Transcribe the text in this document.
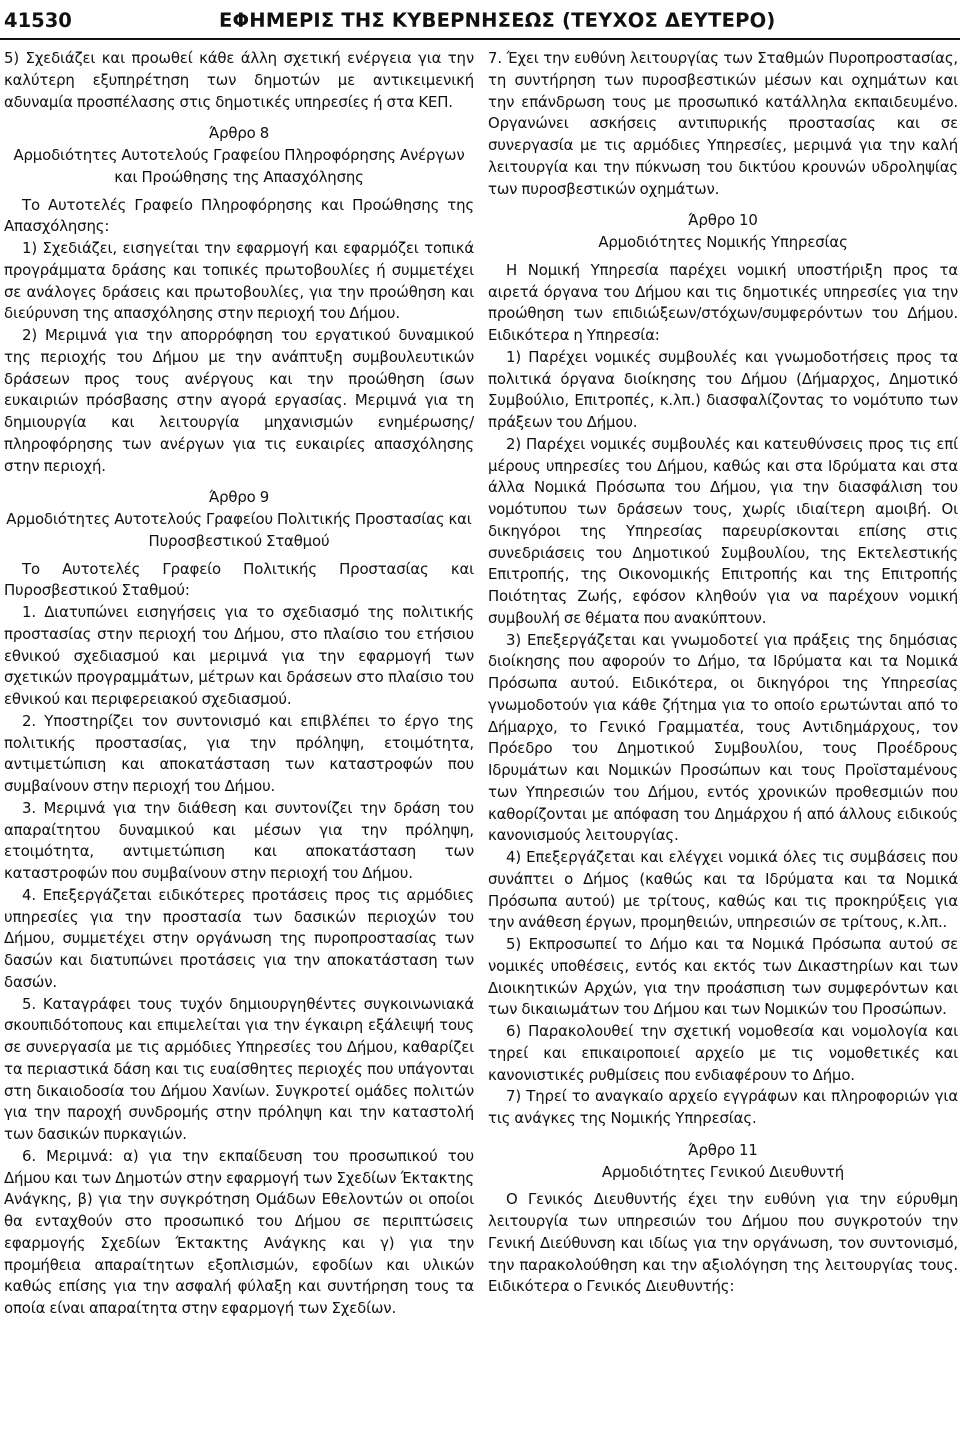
41530	ΕΦΗΜΕΡΙΣ ΤΗΣ ΚΥΒΕΡΝΗΣΕΩΣ (ΤΕΥΧΟΣ ΔΕΥΤΕΡΟ)

5) Σχεδιάζει και προωθεί κάθε άλλη σχετική ενέργεια για την καλύτερη εξυπηρέτηση των δημοτών με αντικειμενική αδυναμία προσπέλασης στις δημοτικές υπηρεσίες ή στα ΚΕΠ.

Άρθρο 8

Αρμοδιότητες Αυτοτελούς Γραφείου Πληροφόρησης Ανέργων και Προώθησης της Απασχόλησης

Το Αυτοτελές Γραφείο Πληροφόρησης και Προώθησης της Απασχόλησης:

1) Σχεδιάζει, εισηγείται την εφαρμογή και εφαρμόζει τοπικά προγράμματα δράσης και τοπικές πρωτοβουλίες ή συμμετέχει σε ανάλογες δράσεις και πρωτοβουλίες, για την προώθηση και διεύρυνση της απασχόλησης στην περιοχή του Δήμου.

2) Μεριμνά για την απορρόφηση του εργατικού δυναμικού της περιοχής του Δήμου με την ανάπτυξη συμβουλευτικών δράσεων προς τους ανέργους και την προώθηση ίσων ευκαιριών πρόσβασης στην αγορά εργασίας. Μεριμνά για τη δημιουργία και λειτουργία μηχανισμών ενημέρωσης/πληροφόρησης των ανέργων για τις ευκαιρίες απασχόλησης στην περιοχή.

Άρθρο 9

Αρμοδιότητες Αυτοτελούς Γραφείου Πολιτικής Προστασίας και Πυροσβεστικού Σταθμού

Το Αυτοτελές Γραφείο Πολιτικής Προστασίας και Πυροσβεστικού Σταθμού:

1. Διατυπώνει εισηγήσεις για το σχεδιασμό της πολιτικής προστασίας στην περιοχή του Δήμου, στο πλαίσιο του ετήσιου εθνικού σχεδιασμού και μεριμνά για την εφαρμογή των σχετικών προγραμμάτων, μέτρων και δράσεων στο πλαίσιο του εθνικού και περιφερειακού σχεδιασμού.

2. Υποστηρίζει τον συντονισμό και επιβλέπει το έργο της πολιτικής προστασίας, για την πρόληψη, ετοιμότητα, αντιμετώπιση και αποκατάσταση των καταστροφών που συμβαίνουν στην περιοχή του Δήμου.

3. Μεριμνά για την διάθεση και συντονίζει την δράση του απαραίτητου δυναμικού και μέσων για την πρόληψη, ετοιμότητα, αντιμετώπιση και αποκατάσταση των καταστροφών που συμβαίνουν στην περιοχή του Δήμου.

4. Επεξεργάζεται ειδικότερες προτάσεις προς τις αρμόδιες υπηρεσίες για την προστασία των δασικών περιοχών του Δήμου, συμμετέχει στην οργάνωση της πυροπροστασίας των δασών και διατυπώνει προτάσεις για την αποκατάσταση των δασών.

5. Καταγράφει τους τυχόν δημιουργηθέντες συγκοινωνιακά σκουπιδότοπους και επιμελείται για την έγκαιρη εξάλειψή τους σε συνεργασία με τις αρμόδιες Υπηρεσίες του Δήμου, καθαρίζει τα περιαστικά δάση και τις ευαίσθητες περιοχές που υπάγονται στη δικαιοδοσία του Δήμου Χανίων. Συγκροτεί ομάδες πολιτών για την παροχή συνδρομής στην πρόληψη και την καταστολή των δασικών πυρκαγιών.

6. Μεριμνά: α) για την εκπαίδευση του προσωπικού του Δήμου και των Δημοτών στην εφαρμογή των Σχεδίων Έκτακτης Ανάγκης, β) για την συγκρότηση Ομάδων Εθελοντών οι οποίοι θα ενταχθούν στο προσωπικό του Δήμου σε περιπτώσεις εφαρμογής Σχεδίων Έκτακτης Ανάγκης και γ) για την προμήθεια απαραίτητων εξοπλισμών, εφοδίων και υλικών καθώς επίσης για την ασφαλή φύλαξη και συντήρηση τους τα οποία είναι απαραίτητα στην εφαρμογή των Σχεδίων.

7. Έχει την ευθύνη λειτουργίας των Σταθμών Πυροπροστασίας, τη συντήρηση των πυροσβεστικών μέσων και οχημάτων και την επάνδρωση τους με προσωπικό κατάλληλα εκπαιδευμένο. Οργανώνει ασκήσεις αντιπυρικής προστασίας και σε συνεργασία με τις αρμόδιες Υπηρεσίες, μεριμνά για την καλή λειτουργία και την πύκνωση του δικτύου κρουνών υδροληψίας των πυροσβεστικών οχημάτων.

Άρθρο 10

Αρμοδιότητες Νομικής Υπηρεσίας

Η Νομική Υπηρεσία παρέχει νομική υποστήριξη προς τα αιρετά όργανα του Δήμου και τις δημοτικές υπηρεσίες για την προώθηση των επιδιώξεων/στόχων/συμφερόντων του Δήμου. Ειδικότερα η Υπηρεσία:

1) Παρέχει νομικές συμβουλές και γνωμοδοτήσεις προς τα πολιτικά όργανα διοίκησης του Δήμου (Δήμαρχος, Δημοτικό Συμβούλιο, Επιτροπές, κ.λπ.) διασφαλίζοντας το νομότυπο των πράξεων του Δήμου.

2) Παρέχει νομικές συμβουλές και κατευθύνσεις προς τις επί μέρους υπηρεσίες του Δήμου, καθώς και στα Ιδρύματα και στα άλλα Νομικά Πρόσωπα του Δήμου, για την διασφάλιση του νομότυπου των δράσεων τους, χωρίς ιδιαίτερη αμοιβή. Οι δικηγόροι της Υπηρεσίας παρευρίσκονται επίσης στις συνεδριάσεις του Δημοτικού Συμβουλίου, της Εκτελεστικής Επιτροπής, της Οικονομικής Επιτροπής και της Επιτροπής Ποιότητας Ζωής, εφόσον κληθούν για να παρέχουν νομική συμβουλή σε θέματα που ανακύπτουν.

3) Επεξεργάζεται και γνωμοδοτεί για πράξεις της δημόσιας διοίκησης που αφορούν το Δήμο, τα Ιδρύματα και τα Νομικά Πρόσωπα αυτού. Ειδικότερα, οι δικηγόροι της Υπηρεσίας γνωμοδοτούν για κάθε ζήτημα για το οποίο ερωτώνται από το Δήμαρχο, το Γενικό Γραμματέα, τους Αντιδημάρχους, τον Πρόεδρο του Δημοτικού Συμβουλίου, τους Προέδρους Ιδρυμάτων και Νομικών Προσώπων και τους Προϊσταμένους των Υπηρεσιών του Δήμου, εντός χρονικών προθεσμιών που καθορίζονται με απόφαση του Δημάρχου ή από άλλους ειδικούς κανονισμούς λειτουργίας.

4) Επεξεργάζεται και ελέγχει νομικά όλες τις συμβάσεις που συνάπτει ο Δήμος (καθώς και τα Ιδρύματα και τα Νομικά Πρόσωπα αυτού) με τρίτους, καθώς και τις προκηρύξεις για την ανάθεση έργων, προμηθειών, υπηρεσιών σε τρίτους, κ.λπ..

5) Εκπροσωπεί το Δήμο και τα Νομικά Πρόσωπα αυτού σε νομικές υποθέσεις, εντός και εκτός των Δικαστηρίων και των Διοικητικών Αρχών, για την προάσπιση των συμφερόντων και των δικαιωμάτων του Δήμου και των Νομικών του Προσώπων.

6) Παρακολουθεί την σχετική νομοθεσία και νομολογία και τηρεί και επικαιροποιεί αρχείο με τις νομοθετικές και κανονιστικές ρυθμίσεις που ενδιαφέρουν το Δήμο.

7) Τηρεί το αναγκαίο αρχείο εγγράφων και πληροφοριών για τις ανάγκες της Νομικής Υπηρεσίας.

Άρθρο 11

Αρμοδιότητες Γενικού Διευθυντή

Ο Γενικός Διευθυντής έχει την ευθύνη για την εύρυθμη λειτουργία των υπηρεσιών του Δήμου που συγκροτούν την Γενική Διεύθυνση και ιδίως για την οργάνωση, τον συντονισμό, την παρακολούθηση και την αξιολόγηση της λειτουργίας τους. Ειδικότερα ο Γενικός Διευθυντής:
